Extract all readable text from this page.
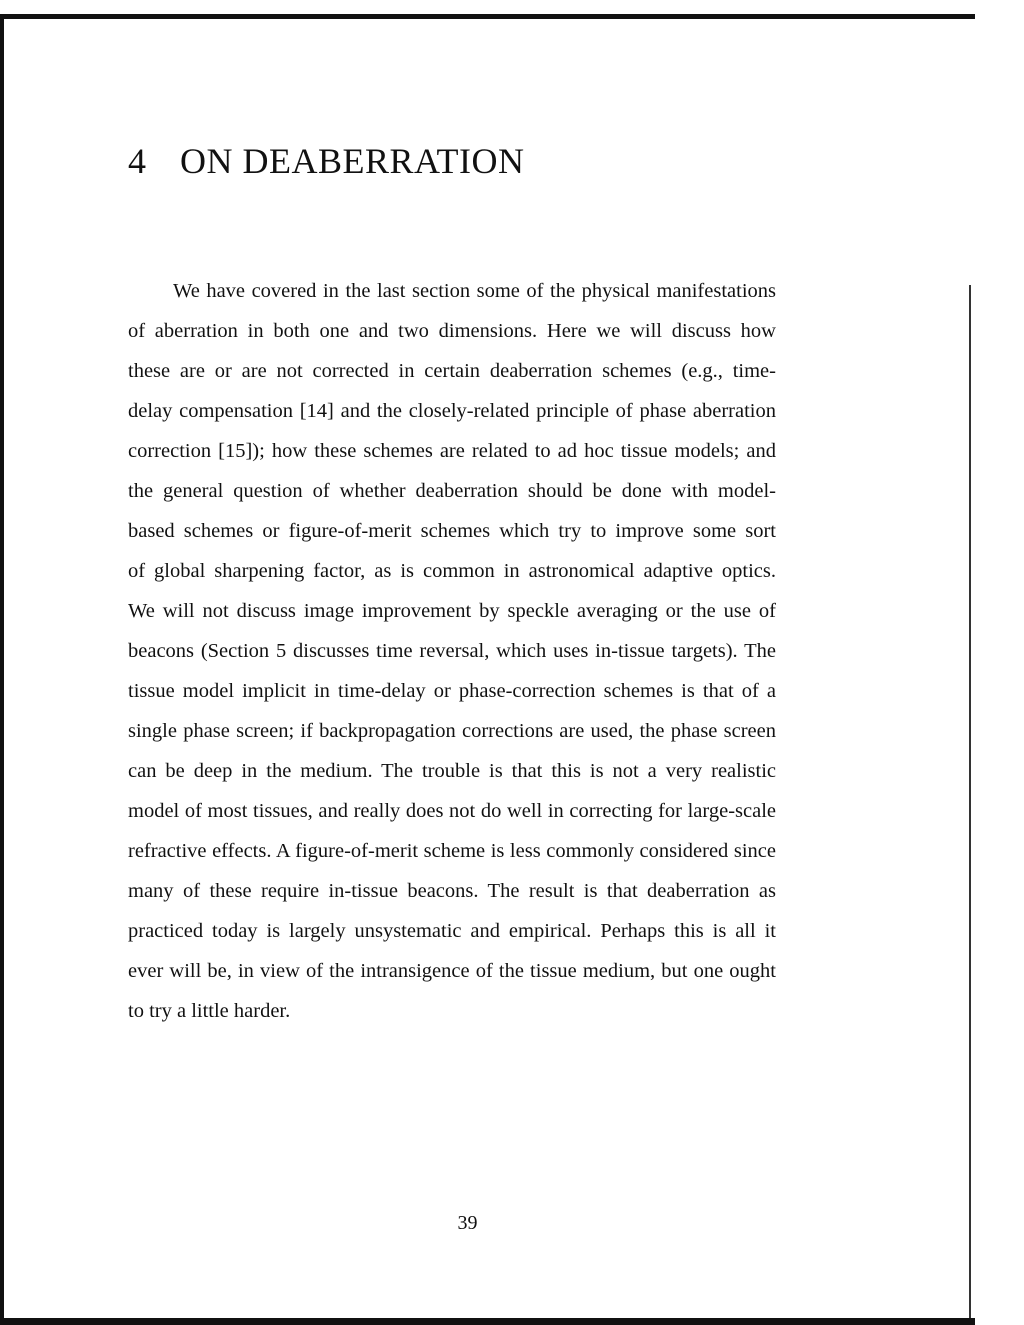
4 ON DEABERRATION
We have covered in the last section some of the physical manifestations
of aberration in both one and two dimensions. Here we will discuss how
these are or are not corrected in certain deaberration schemes (e.g., time-
delay compensation [14] and the closely-related principle of phase aberration
correction [15]); how these schemes are related to ad hoc tissue models; and
the general question of whether deaberration should be done with model-
based schemes or figure-of-merit schemes which try to improve some sort
of global sharpening factor, as is common in astronomical adaptive optics.
We will not discuss image improvement by speckle averaging or the use of
beacons (Section 5 discusses time reversal, which uses in-tissue targets). The
tissue model implicit in time-delay or phase-correction schemes is that of a
single phase screen; if backpropagation corrections are used, the phase screen
can be deep in the medium. The trouble is that this is not a very realistic
model of most tissues, and really does not do well in correcting for large-scale
refractive effects. A figure-of-merit scheme is less commonly considered since
many of these require in-tissue beacons. The result is that deaberration as
practiced today is largely unsystematic and empirical. Perhaps this is all it
ever will be, in view of the intransigence of the tissue medium, but one ought
to try a little harder.
39
